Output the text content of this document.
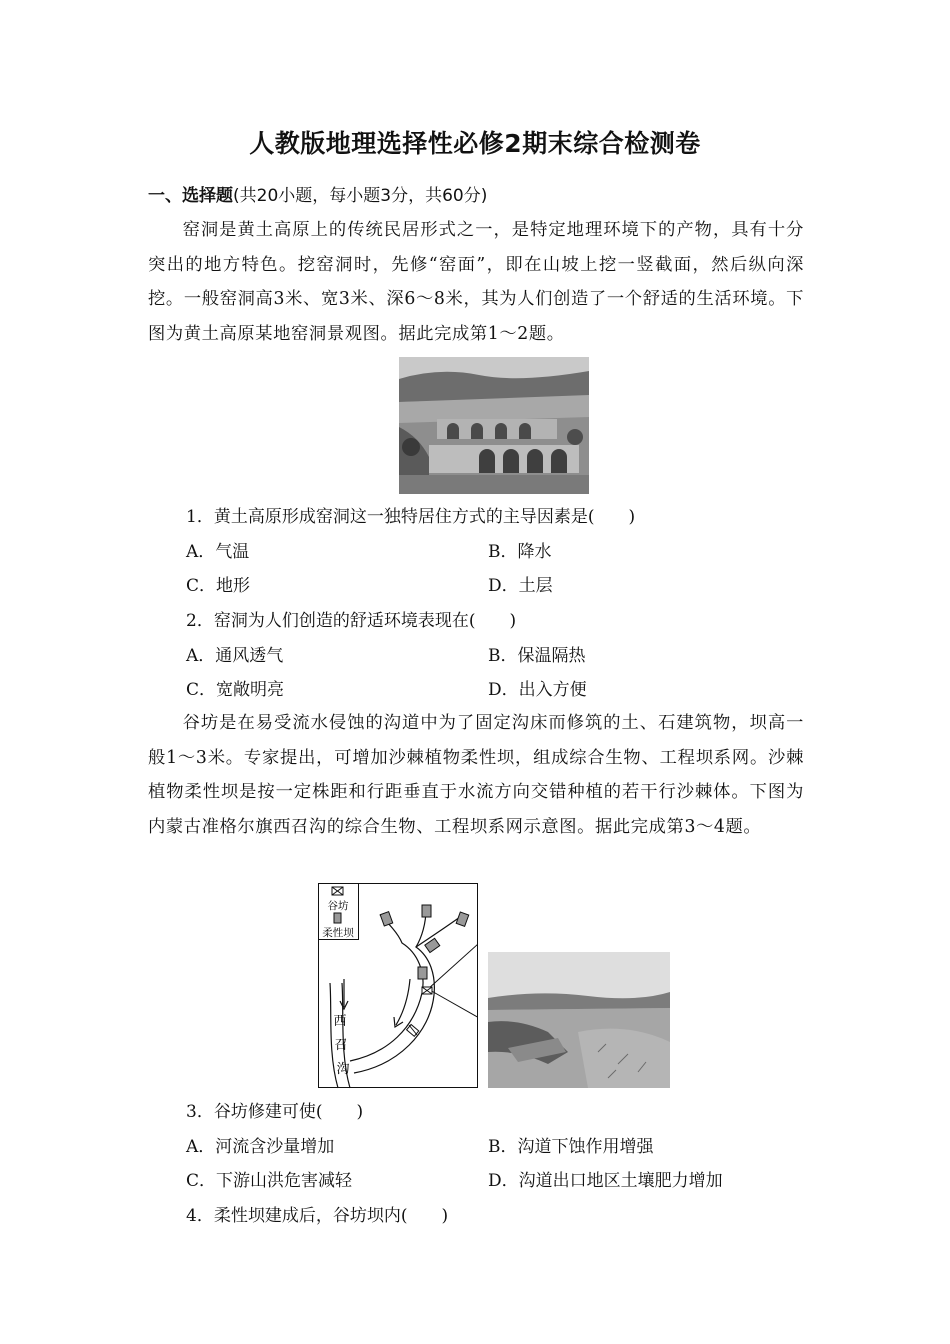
人教版地理选择性必修2期末综合检测卷
一、选择题(共20小题，每小题3分，共60分)
窑洞是黄土高原上的传统民居形式之一，是特定地理环境下的产物，具有十分突出的地方特色。挖窑洞时，先修“窑面”，即在山坡上挖一竖截面，然后纵向深挖。一般窑洞高3米、宽3米、深6～8米，其为人们创造了一个舒适的生活环境。下图为黄土高原某地窑洞景观图。据此完成第1～2题。
1．黄土高原形成窑洞这一独特居住方式的主导因素是(　　)
A．气温	B．降水
C．地形	D．土层
2．窑洞为人们创造的舒适环境表现在(　　)
A．通风透气	B．保温隔热
C．宽敞明亮	D．出入方便
谷坊是在易受流水侵蚀的沟道中为了固定沟床而修筑的土、石建筑物，坝高一般1～3米。专家提出，可增加沙棘植物柔性坝，组成综合生物、工程坝系网。沙棘植物柔性坝是按一定株距和行距垂直于水流方向交错种植的若干行沙棘体。下图为内蒙古准格尔旗西召沟的综合生物、工程坝系网示意图。据此完成第3～4题。
谷坊
柔性坝
西
召
沟
3．谷坊修建可使(　　)
A．河流含沙量增加	B．沟道下蚀作用增强
C．下游山洪危害减轻	D．沟道出口地区土壤肥力增加
4．柔性坝建成后，谷坊坝内(　　)
